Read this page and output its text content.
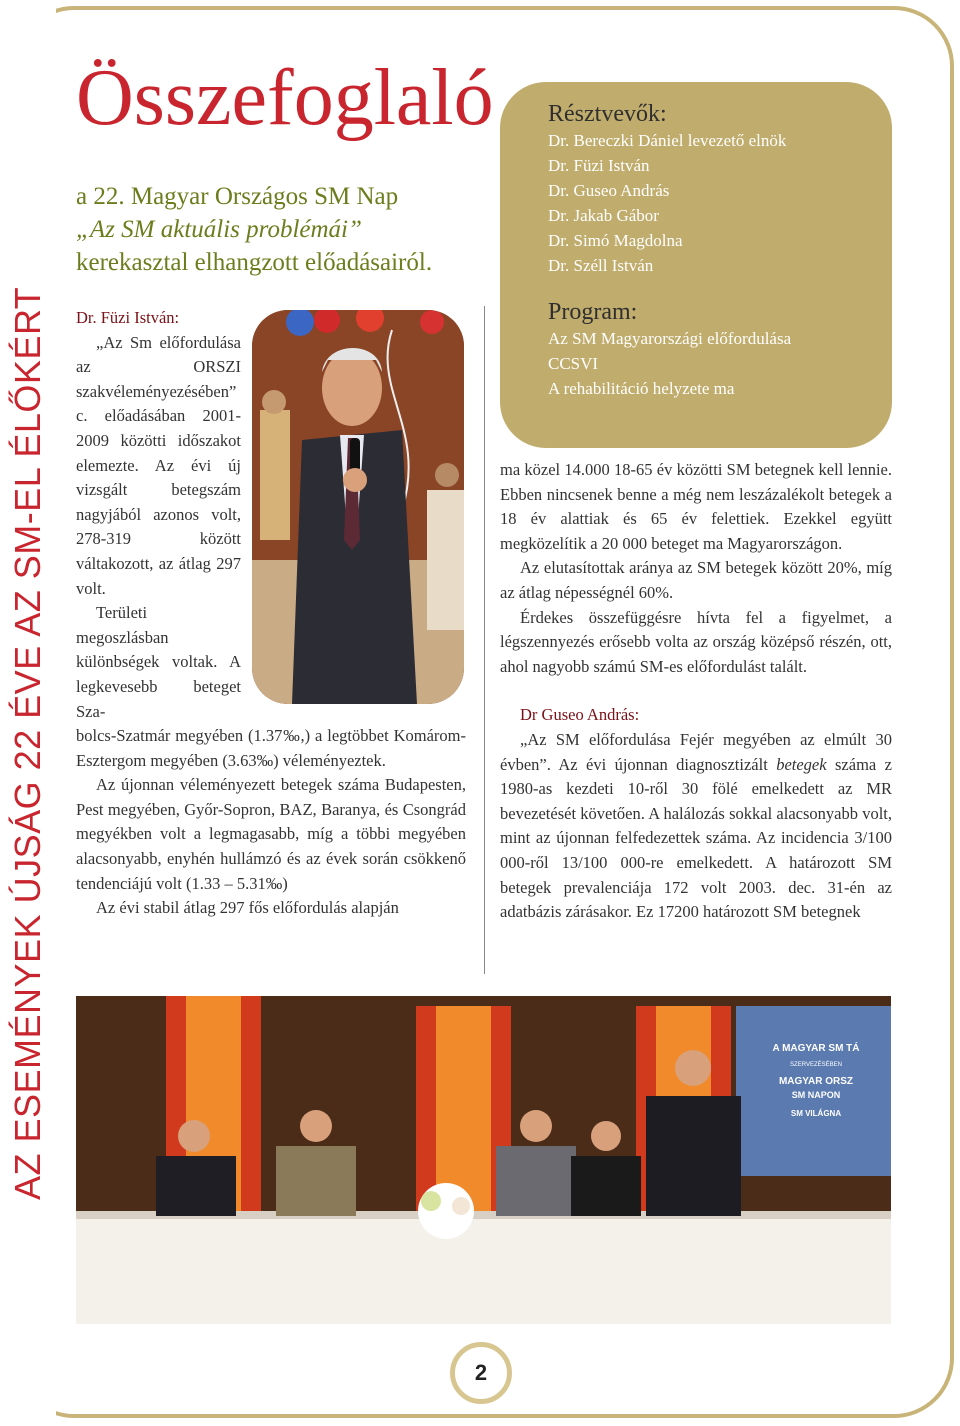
AZ ESEMÉNYEK ÚJSÁG 22 ÉVE AZ SM-EL ÉLŐKÉRT
Összefoglaló
a 22. Magyar Országos SM Nap
„Az SM aktuális problémái”
kerekasztal elhangzott előadásairól.
Résztvevők:
Dr. Bereczki Dániel levezető elnök
Dr. Füzi István
Dr. Guseo András
Dr. Jakab Gábor
Dr. Simó Magdolna
Dr. Széll István
Program:
Az SM Magyarországi előfordulása
CCSVI
A rehabilitáció helyzete ma

Dr. Füzi István:

„Az Sm előfordulása az ORSZI szakvéleményezésében” c. előadásában 2001-2009 közötti időszakot elemezte. Az évi új vizsgált betegszám nagyjából azonos volt, 278-319 között váltakozott, az átlag 297 volt.

Területi megoszlásban különbségek voltak. A legkevesebb beteget Sza-

bolcs-Szatmár megyében (1.37‰,) a legtöbbet Komárom-Esztergom megyében (3.63‰) véleményeztek.

Az újonnan véleményezett betegek száma Budapesten, Pest megyében, Győr-Sopron, BAZ, Baranya, és Csongrád megyékben volt a legmagasabb, míg a többi megyében alacsonyabb, enyhén hullámzó és az évek során csökkenő tendenciájú volt (1.33 – 5.31‰)

Az évi stabil átlag 297 fős előfordulás alapján

ma közel 14.000 18-65 év közötti SM betegnek kell lennie. Ebben nincsenek benne a még nem leszázalékolt betegek a 18 év alattiak és 65 év felettiek. Ezekkel együtt megközelítik a 20 000 beteget ma Magyarországon.

Az elutasítottak aránya az SM betegek között 20%, míg az átlag népességnél 60%.

Érdekes összefüggésre hívta fel a figyelmet, a légszennyezés erősebb volta az ország középső részén, ott, ahol nagyobb számú SM-es előfordulást talált.

Dr Guseo András:

„Az SM előfordulása Fejér megyében az elmúlt 30 évben”. Az évi újonnan diagnosztizált betegek száma z 1980-as kezdeti 10-ről 30 fölé emelkedett az MR bevezetését követően. A halálozás sokkal alacsonyabb volt, mint az újonnan felfedezettek száma. Az incidencia 3/100 000-ről 13/100 000-re emelkedett. A határozott SM betegek prevalenciája 172 volt 2003. dec. 31-én az adatbázis zárásakor. Ez 17200 határozott SM betegnek

A MAGYAR SM TÁ
SZERVEZÉSÉBEN
MAGYAR ORSZ
SM NAPON
SM VILÁGNA
2
